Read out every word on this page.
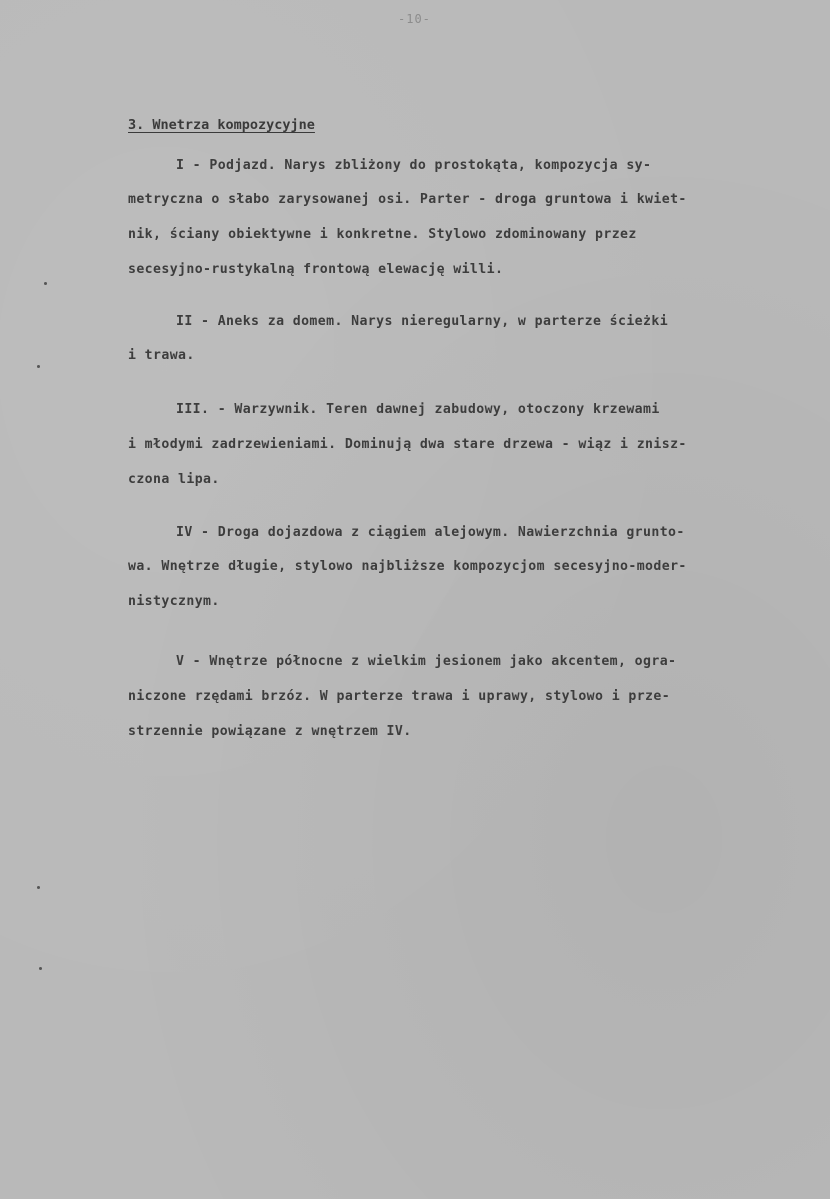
-10-
3. Wnetrza kompozycyjne
I - Podjazd. Narys zbliżony do prostokąta, kompozycja sy-
metryczna o słabo zarysowanej osi. Parter - droga gruntowa i kwiet-
nik, ściany obiektywne i konkretne. Stylowo zdominowany przez
secesyjno-rustykalną frontową elewację willi.
II - Aneks za domem. Narys nieregularny, w parterze ścieżki
i trawa.
III. - Warzywnik. Teren dawnej zabudowy, otoczony krzewami
i młodymi zadrzewieniami. Dominują dwa stare drzewa - wiąz i znisz-
czona lipa.
IV - Droga dojazdowa z ciągiem alejowym. Nawierzchnia grunto-
wa. Wnętrze długie, stylowo najbliższe kompozycjom secesyjno-moder-
nistycznym.
V - Wnętrze północne z wielkim jesionem jako akcentem, ogra-
niczone rzędami brzóz. W parterze trawa i uprawy, stylowo i prze-
strzennie powiązane z wnętrzem IV.
